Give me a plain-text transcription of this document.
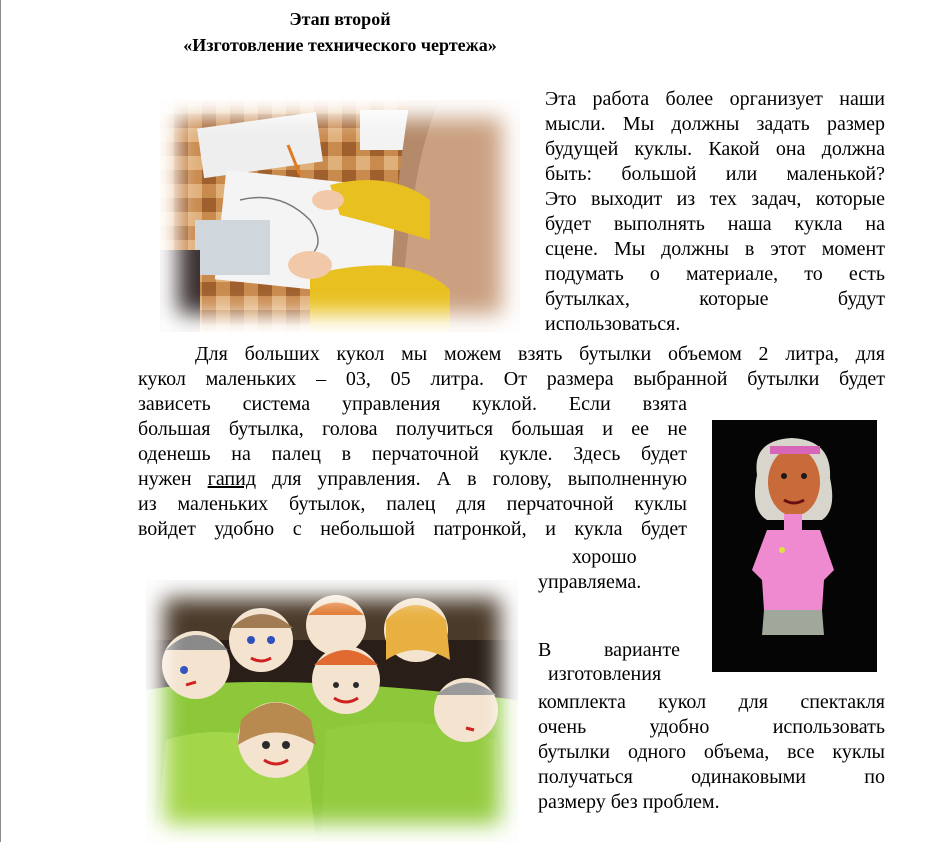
Этап второй
«Изготовление технического чертежа»
Эта работа более организует наши
мысли. Мы должны задать размер
будущей куклы. Какой она должна
быть: большой или маленькой?
Это выходит из тех задач, которые
будет выполнять наша кукла на
сцене. Мы должны в этот момент
подумать о материале, то есть
бутылках, которые будут
использоваться.
Для больших кукол мы можем взять бутылки объемом 2 литра, для
кукол маленьких – 03, 05 литра. От размера выбранной бутылки будет
зависеть система управления куклой. Если взята
большая бутылка, голова получиться большая и ее не
оденешь на палец в перчаточной кукле. Здесь будет
нужен гапид для управления. А в голову, выполненную
из маленьких бутылок, палец для перчаточной куклы
войдет удобно с небольшой патронкой, и кукла будет
хорошо
управляема.
В	варианте
изготовления
комплекта кукол для спектакля
очень удобно использовать
бутылки одного объема, все куклы
получаться одинаковыми по
размеру без проблем.
